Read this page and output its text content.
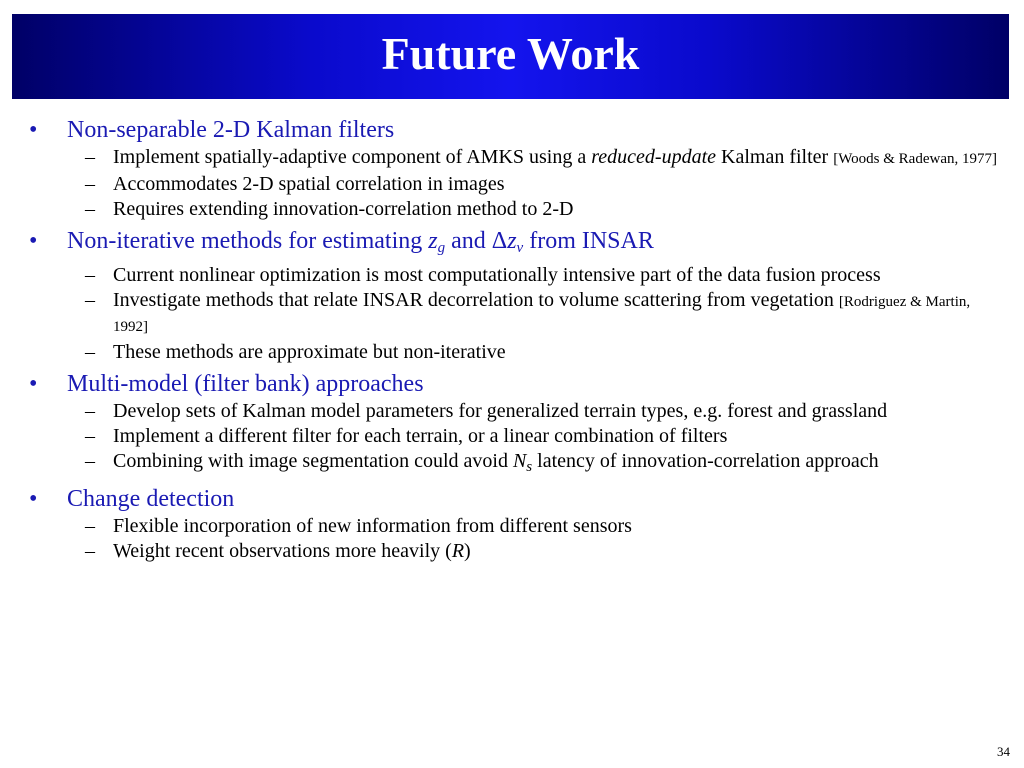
Future Work
• Non-separable 2-D Kalman filters
– Implement spatially-adaptive component of AMKS using a reduced-update Kalman filter [Woods & Radewan, 1977]
– Accommodates 2-D spatial correlation in images
– Requires extending innovation-correlation method to 2-D
• Non-iterative methods for estimating $z_g$ and $\Delta z_v$ from INSAR
– Current nonlinear optimization is most computationally intensive part of the data fusion process
– Investigate methods that relate INSAR decorrelation to volume scattering from vegetation [Rodriguez & Martin, 1992]
– These methods are approximate but non-iterative
• Multi-model (filter bank) approaches
– Develop sets of Kalman model parameters for generalized terrain types, e.g. forest and grassland
– Implement a different filter for each terrain, or a linear combination of filters
– Combining with image segmentation could avoid $N_s$ latency of innovation-correlation approach
• Change detection
– Flexible incorporation of new information from different sensors
– Weight recent observations more heavily (R)
34
